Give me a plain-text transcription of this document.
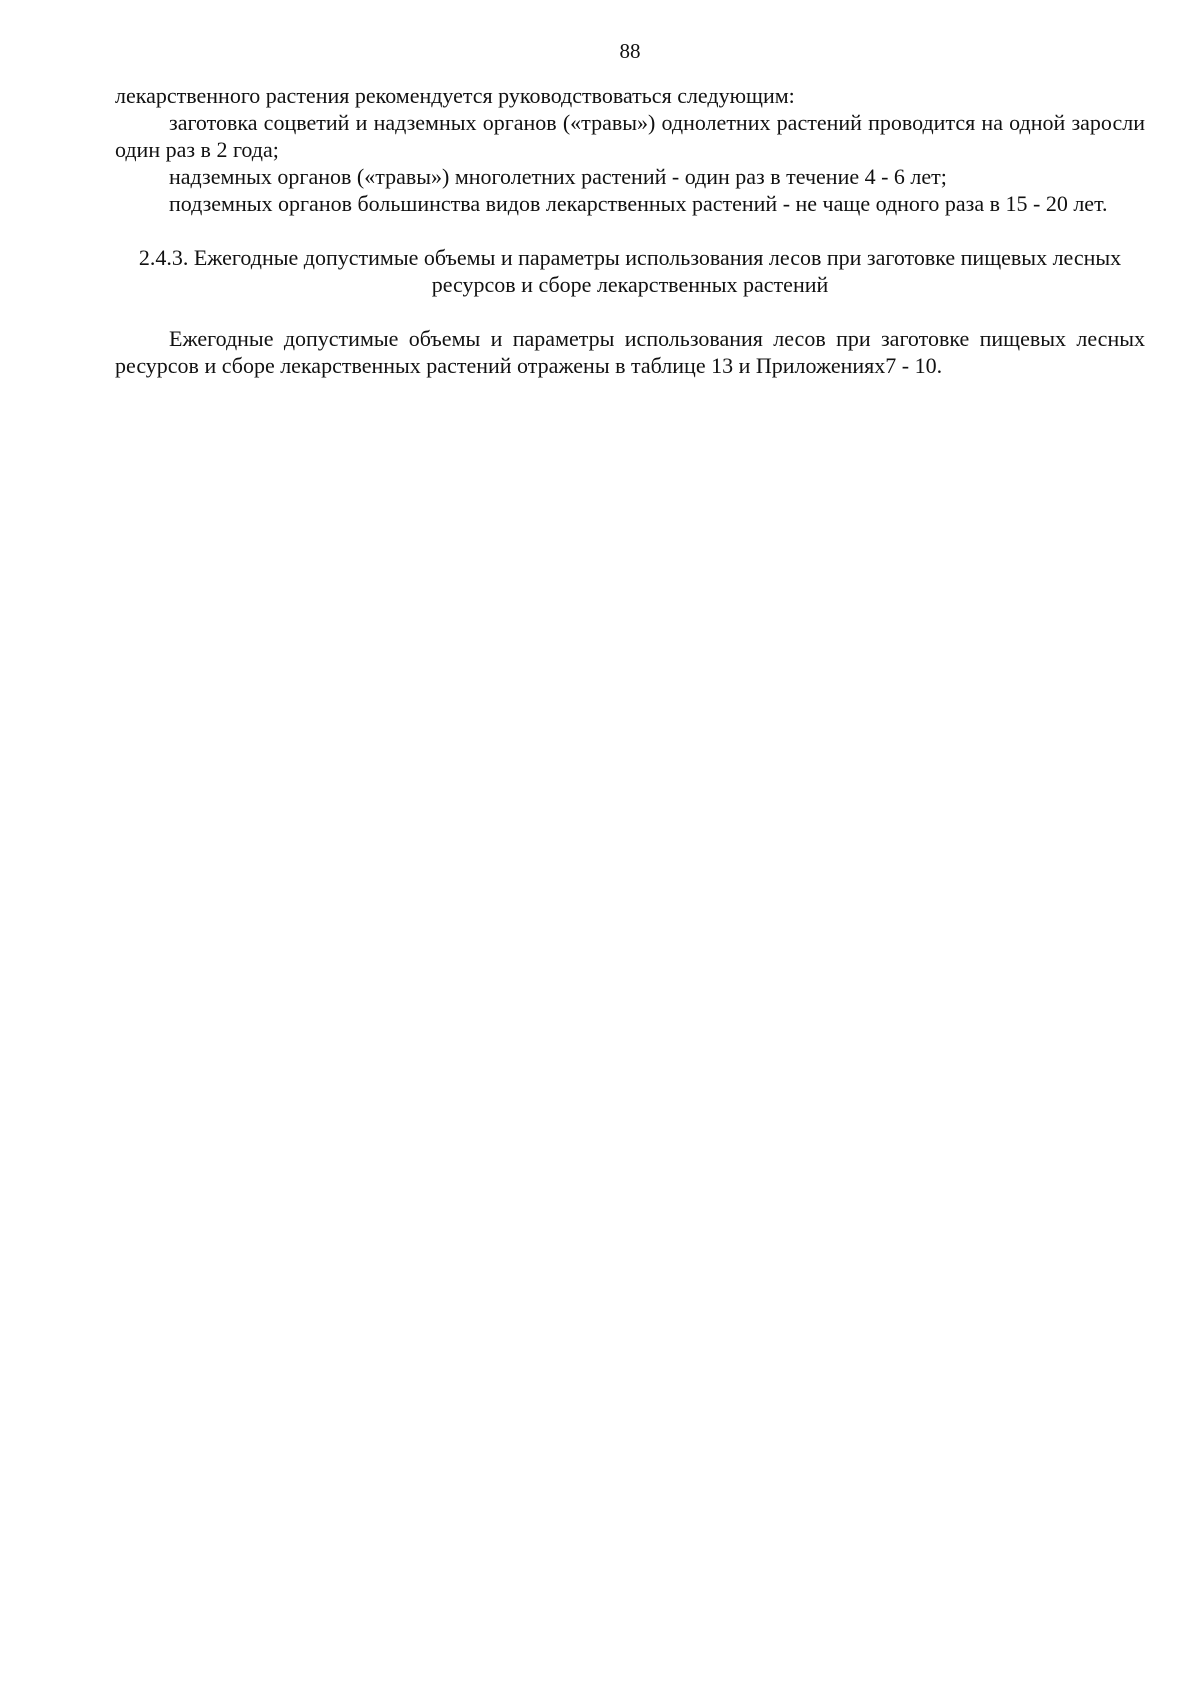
88

лекарственного растения рекомендуется руководствоваться следующим:

заготовка соцветий и надземных органов («травы») однолетних растений проводится на одной заросли один раз в 2 года;

надземных органов («травы») многолетних растений - один раз в течение 4 - 6 лет;

подземных органов большинства видов лекарственных растений - не чаще одного раза в 15 - 20 лет.

2.4.3. Ежегодные допустимые объемы и параметры использования лесов при заготовке пищевых лесных ресурсов и сборе лекарственных растений

Ежегодные допустимые объемы и параметры использования лесов при заготовке пищевых лесных ресурсов и сборе лекарственных растений отражены в таблице 13 и Приложениях7 - 10.
